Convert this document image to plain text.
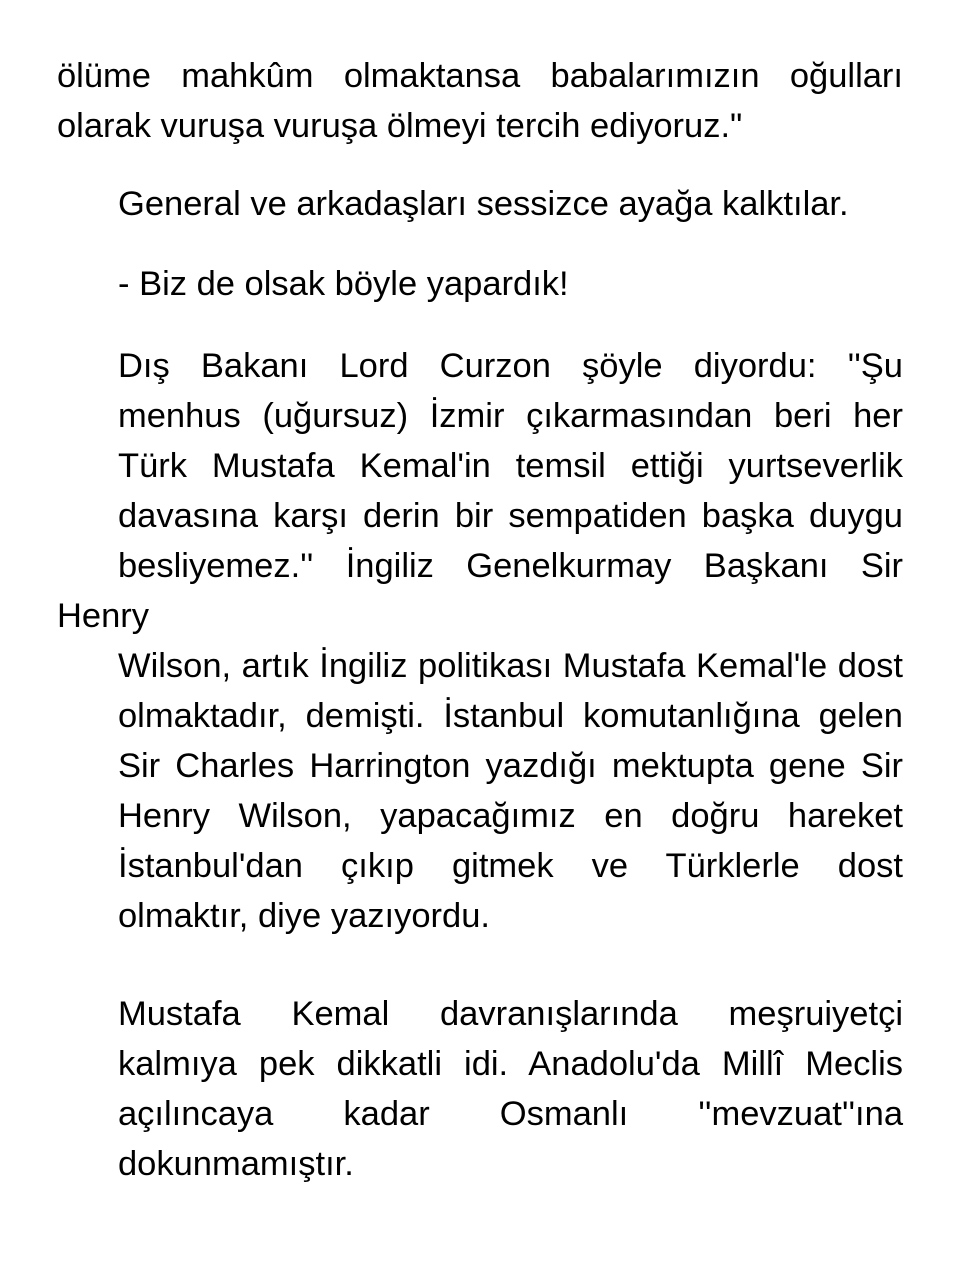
ölüme mahkûm olmaktansa babalarımızın oğulları
olarak vuruşa vuruşa ölmeyi tercih ediyoruz."

General ve arkadaşları sessizce ayağa kalktılar.

- Biz de olsak böyle yapardık!

Dış Bakanı Lord Curzon şöyle diyordu: ''Şu
menhus (uğursuz) İzmir çıkarmasından beri her
Türk Mustafa Kemal'in temsil ettiği yurtseverlik
davasına karşı derin bir sempatiden başka duygu
besliyemez.'' İngiliz Genelkurmay Başkanı Sir Henry
Wilson, artık İngiliz politikası Mustafa Kemal'le dost
olmaktadır, demişti. İstanbul komutanlığına gelen
Sir Charles Harrington yazdığı mektupta gene Sir
Henry Wilson, yapacağımız en doğru hareket
İstanbul'dan çıkıp gitmek ve Türklerle dost
olmaktır, diye yazıyordu.

Mustafa Kemal davranışlarında meşruiyetçi
kalmıya pek dikkatli idi. Anadolu'da Millî Meclis
açılıncaya kadar Osmanlı ''mevzuat''ına
dokunmamıştır.
